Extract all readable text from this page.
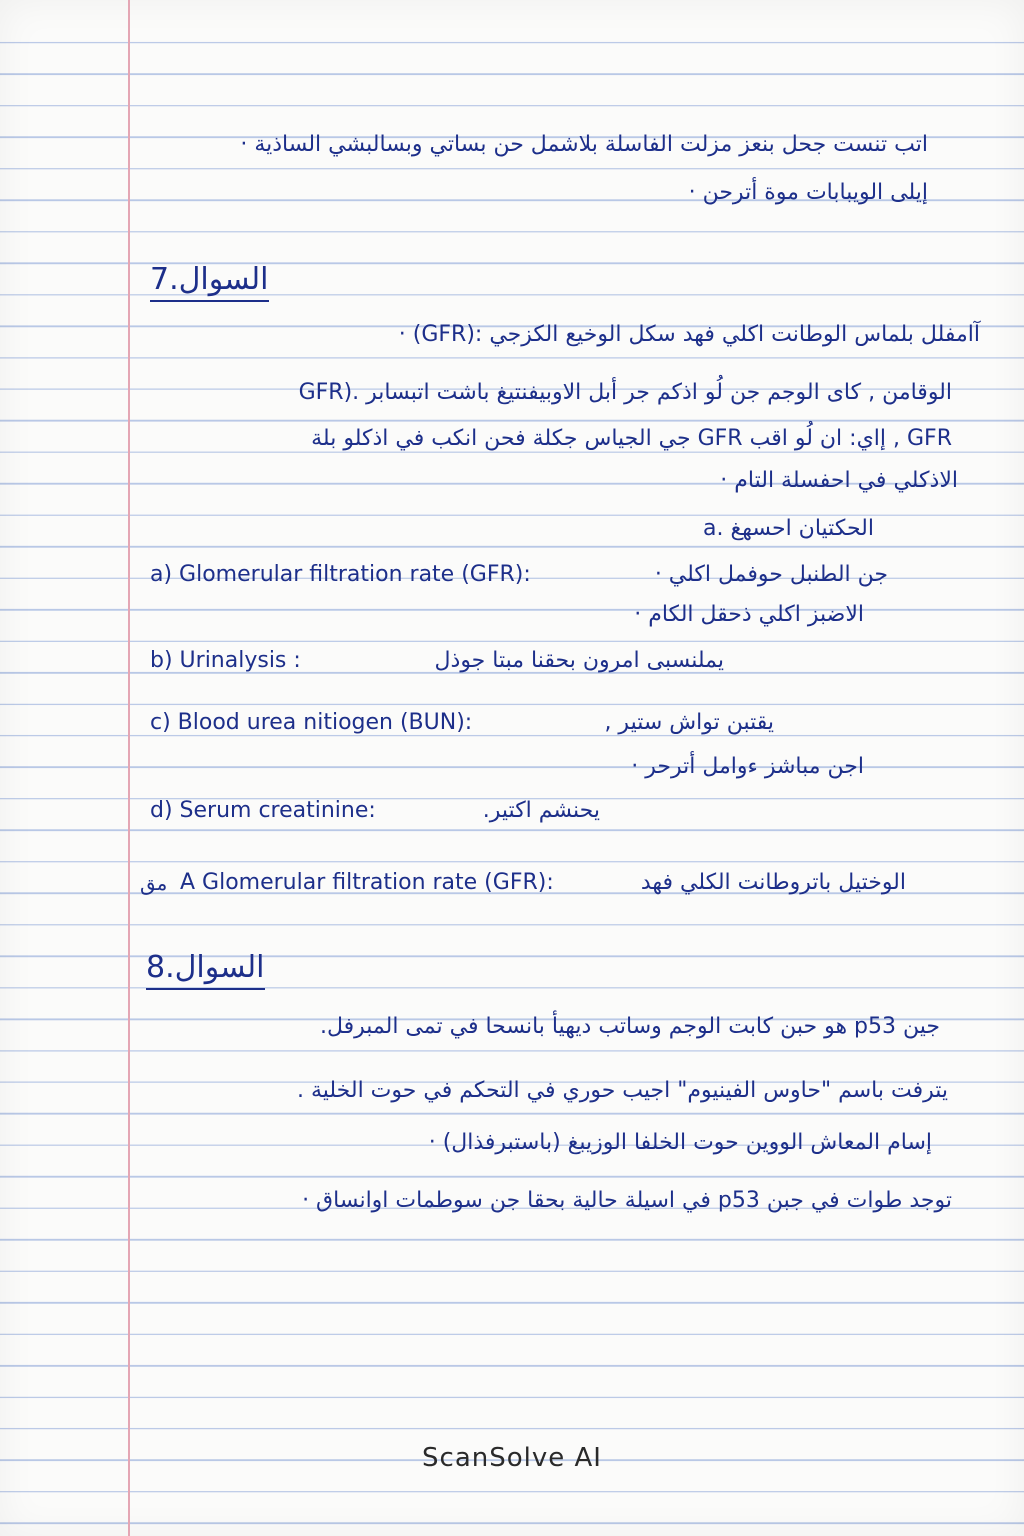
اتب تنست جحل بنعز مزلت الفاسلة بلاشمل حن بساتي وبسالبشي الساذية ·
إيلى الويبابات موة أترحن ·
7.السوال
آامفلل بلماس الوطانت اكلي فهد سكل الوخيع الكزجي :(GFR) ·
الوقامن , كاى الوجم جن لُو اذكم جر أبل الاوبيفنتيغ باشت اتبسابر .(GFR
GFR , إاي: ان لُو اقب GFR جي الجياس جكلة فحن انكب في اذكلو بلة
الاذكلي في احفسلة التام ·
الحكتيان احسهغ .a
a) Glomerular filtration rate (GFR):	جن الطنبل حوفمل اكلي ·
الاضبز اكلي ذحقل الكام ·
b) Urinalysis :	يملنسبى امرون بحقنا مبتا جوذل
c) Blood urea nitiogen (BUN):	يقتبن تواش ستير ,
اجن مباشز ءوامل أترحر ·
d) Serum creatinine:	يحنشم اكتير.
مق A Glomerular filtration rate (GFR):	الوختيل باتروطانت الكلي فهد
8.السوال
جين p53 هو حبن كابت الوجم وساتب ديهيأ بانسحا في تمى المبرفل.
يترفت باسم "حاوس الفينيوم" اجيب حوري في التحكم في حوت الخلية .
إسام المعاش الووين حوت الخلفا الوزيبغ (باستبرفذال) ·
توجد طوات في جبن p53 في اسيلة حالية بحقا جن سوطمات اوانساق ·
ScanSolve AI
